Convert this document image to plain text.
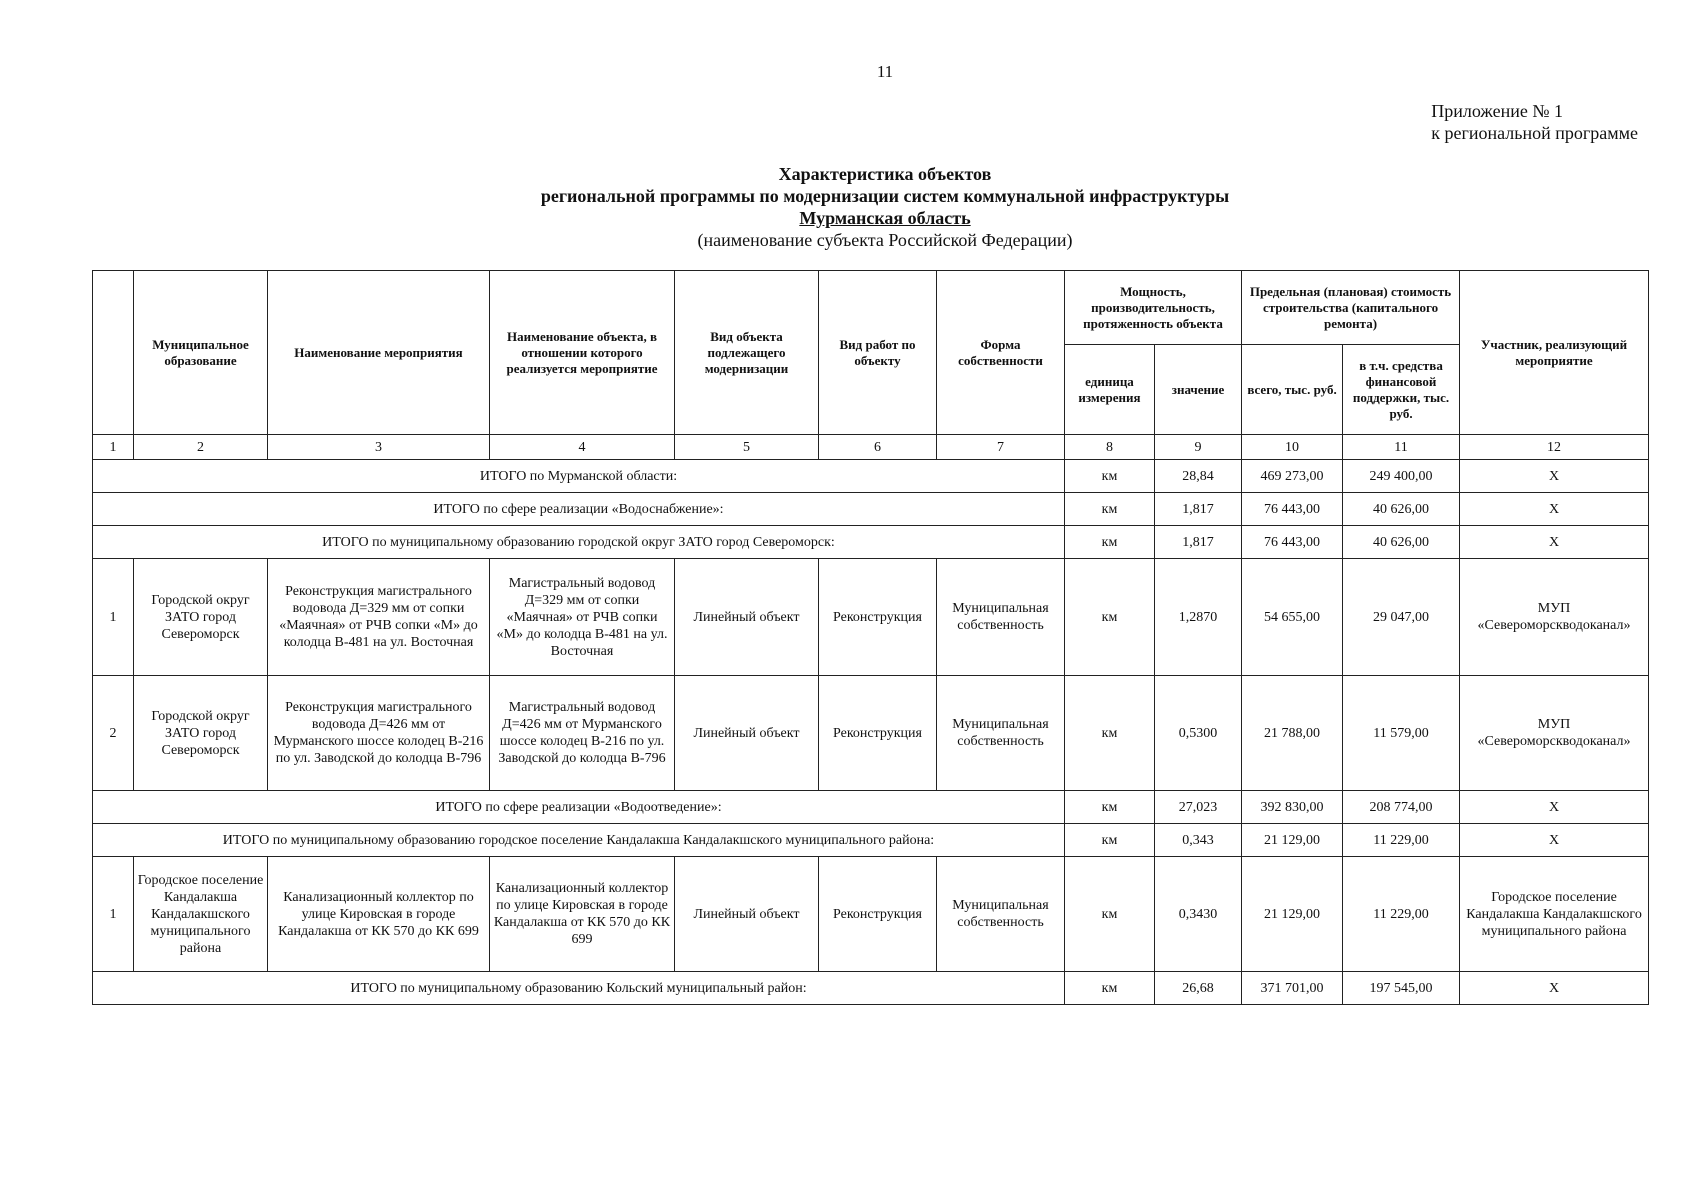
11
Приложение № 1
к региональной программе
Характеристика объектов
региональной программы по модернизации систем коммунальной инфраструктуры
Мурманская область
(наименование субъекта Российской Федерации)
	Муниципальное образование	Наименование мероприятия	Наименование объекта, в отношении которого реализуется мероприятие	Вид объекта подлежащего модернизации	Вид работ по объекту	Форма собственности	Мощность, производительность, протяженность объекта		Предельная (плановая) стоимость строительства (капитального ремонта)		Участник, реализующий мероприятие
							единица измерения	значение	всего, тыс. руб.	в т.ч. средства финансовой поддержки, тыс. руб.	
1	2	3	4	5	6	7	8	9	10	11	12
ИТОГО по Мурманской области:							км	28,84	469 273,00	249 400,00	X
ИТОГО по сфере реализации «Водоснабжение»:							км	1,817	76 443,00	40 626,00	X
ИТОГО по муниципальному образованию городской округ ЗАТО город Североморск:							км	1,817	76 443,00	40 626,00	X
1	Городской округ ЗАТО город Североморск	Реконструкция магистрального водовода Д=329 мм от сопки «Маячная» от РЧВ сопки «М» до колодца В-481 на ул. Восточная	Магистральный водовод Д=329 мм от сопки «Маячная» от РЧВ сопки «М» до колодца В-481 на ул. Восточная	Линейный объект	Реконструкция	Муниципальная собственность	км	1,2870	54 655,00	29 047,00	МУП «Североморскводоканал»
2	Городской округ ЗАТО город Североморск	Реконструкция магистрального водовода Д=426 мм от Мурманского шоссе колодец В-216 по ул. Заводской до колодца В-796	Магистральный водовод Д=426 мм от Мурманского шоссе колодец В-216 по ул. Заводской до колодца В-796	Линейный объект	Реконструкция	Муниципальная собственность	км	0,5300	21 788,00	11 579,00	МУП «Североморскводоканал»
ИТОГО по сфере реализации «Водоотведение»:							км	27,023	392 830,00	208 774,00	X
ИТОГО по муниципальному образованию городское поселение Кандалакша Кандалакшского муниципального района:							км	0,343	21 129,00	11 229,00	X
1	Городское поселение Кандалакша Кандалакшского муниципального района	Канализационный коллектор по улице Кировская в городе Кандалакша от КК 570 до КК 699	Канализационный коллектор по улице Кировская в городе Кандалакша от КК 570 до КК 699	Линейный объект	Реконструкция	Муниципальная собственность	км	0,3430	21 129,00	11 229,00	Городское поселение Кандалакша Кандалакшского муниципального района
ИТОГО по муниципальному образованию Кольский муниципальный район:							км	26,68	371 701,00	197 545,00	X
